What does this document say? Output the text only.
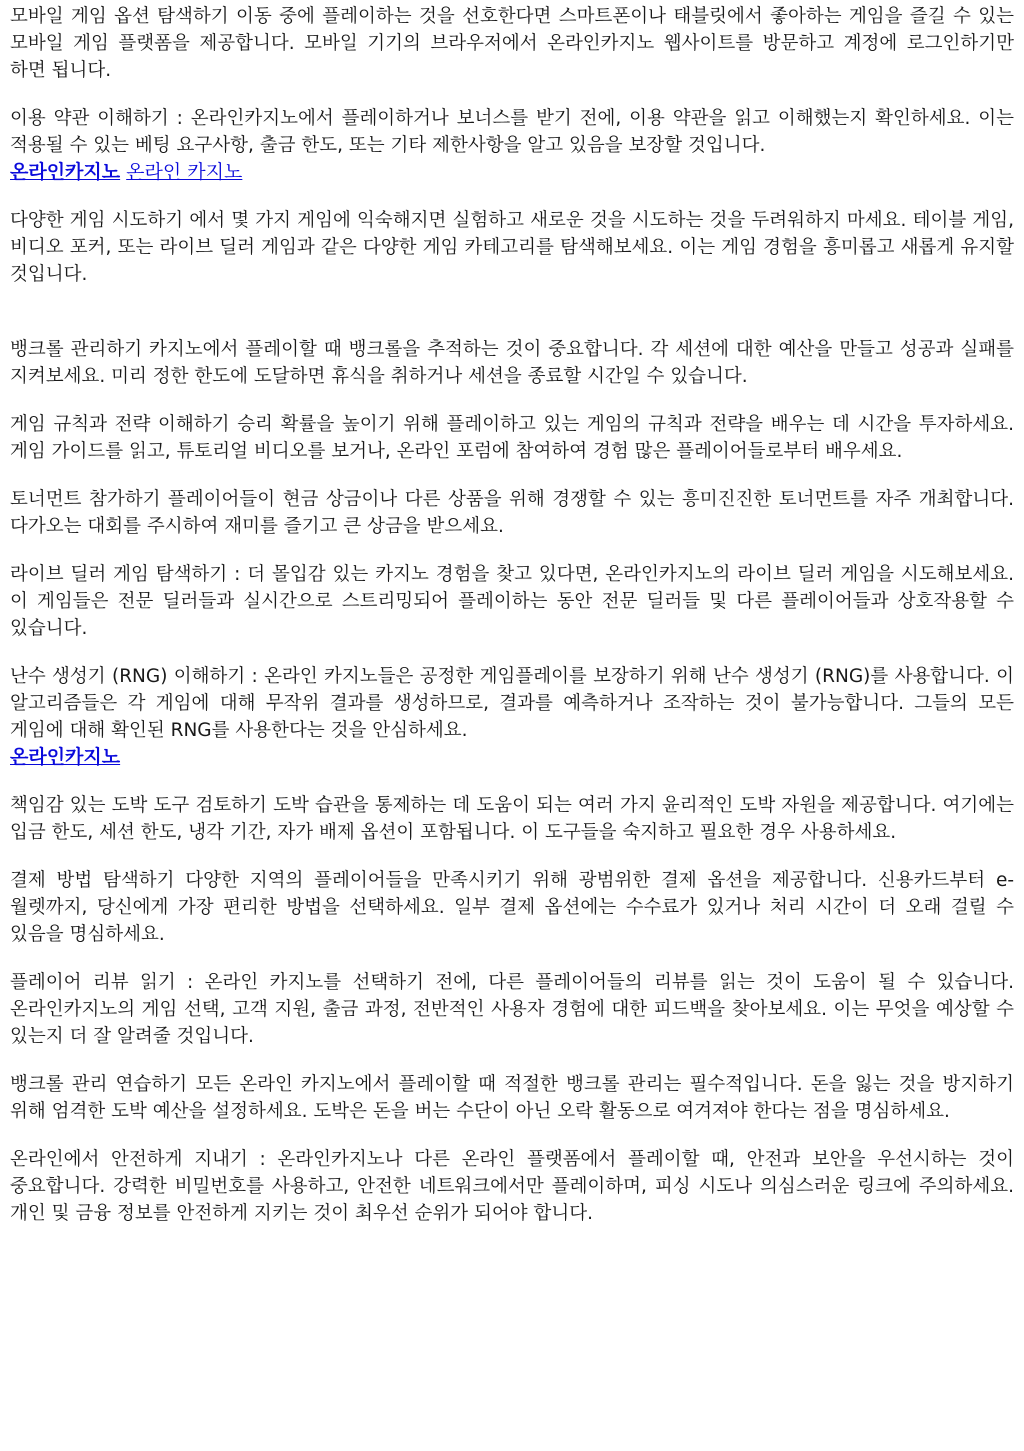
모바일 게임 옵션 탐색하기 이동 중에 플레이하는 것을 선호한다면 스마트폰이나 태블릿에서 좋아하는 게임을 즐길 수 있는 모바일 게임 플랫폼을 제공합니다. 모바일 기기의 브라우저에서 온라인카지노 웹사이트를 방문하고 계정에 로그인하기만 하면 됩니다.

이용 약관 이해하기 : 온라인카지노에서 플레이하거나 보너스를 받기 전에, 이용 약관을 읽고 이해했는지 확인하세요. 이는 적용될 수 있는 베팅 요구사항, 출금 한도, 또는 기타 제한사항을 알고 있음을 보장할 것입니다.

온라인카지노 온라인 카지노

다양한 게임 시도하기 에서 몇 가지 게임에 익숙해지면 실험하고 새로운 것을 시도하는 것을 두려워하지 마세요. 테이블 게임, 비디오 포커, 또는 라이브 딜러 게임과 같은 다양한 게임 카테고리를 탐색해보세요. 이는 게임 경험을 흥미롭고 새롭게 유지할 것입니다.

뱅크롤 관리하기 카지노에서 플레이할 때 뱅크롤을 추적하는 것이 중요합니다. 각 세션에 대한 예산을 만들고 성공과 실패를 지켜보세요. 미리 정한 한도에 도달하면 휴식을 취하거나 세션을 종료할 시간일 수 있습니다.

게임 규칙과 전략 이해하기 승리 확률을 높이기 위해 플레이하고 있는 게임의 규칙과 전략을 배우는 데 시간을 투자하세요. 게임 가이드를 읽고, 튜토리얼 비디오를 보거나, 온라인 포럼에 참여하여 경험 많은 플레이어들로부터 배우세요.

토너먼트 참가하기 플레이어들이 현금 상금이나 다른 상품을 위해 경쟁할 수 있는 흥미진진한 토너먼트를 자주 개최합니다. 다가오는 대회를 주시하여 재미를 즐기고 큰 상금을 받으세요.

라이브 딜러 게임 탐색하기 : 더 몰입감 있는 카지노 경험을 찾고 있다면, 온라인카지노의 라이브 딜러 게임을 시도해보세요. 이 게임들은 전문 딜러들과 실시간으로 스트리밍되어 플레이하는 동안 전문 딜러들 및 다른 플레이어들과 상호작용할 수 있습니다.

난수 생성기 (RNG) 이해하기 : 온라인 카지노들은 공정한 게임플레이를 보장하기 위해 난수 생성기 (RNG)를 사용합니다. 이 알고리즘들은 각 게임에 대해 무작위 결과를 생성하므로, 결과를 예측하거나 조작하는 것이 불가능합니다. 그들의 모든 게임에 대해 확인된 RNG를 사용한다는 것을 안심하세요.

온라인카지노

책임감 있는 도박 도구 검토하기 도박 습관을 통제하는 데 도움이 되는 여러 가지 윤리적인 도박 자원을 제공합니다. 여기에는 입금 한도, 세션 한도, 냉각 기간, 자가 배제 옵션이 포함됩니다. 이 도구들을 숙지하고 필요한 경우 사용하세요.

결제 방법 탐색하기 다양한 지역의 플레이어들을 만족시키기 위해 광범위한 결제 옵션을 제공합니다. 신용카드부터 e-월렛까지, 당신에게 가장 편리한 방법을 선택하세요. 일부 결제 옵션에는 수수료가 있거나 처리 시간이 더 오래 걸릴 수 있음을 명심하세요.

플레이어 리뷰 읽기 : 온라인 카지노를 선택하기 전에, 다른 플레이어들의 리뷰를 읽는 것이 도움이 될 수 있습니다. 온라인카지노의 게임 선택, 고객 지원, 출금 과정, 전반적인 사용자 경험에 대한 피드백을 찾아보세요. 이는 무엇을 예상할 수 있는지 더 잘 알려줄 것입니다.

뱅크롤 관리 연습하기 모든 온라인 카지노에서 플레이할 때 적절한 뱅크롤 관리는 필수적입니다. 돈을 잃는 것을 방지하기 위해 엄격한 도박 예산을 설정하세요. 도박은 돈을 버는 수단이 아닌 오락 활동으로 여겨져야 한다는 점을 명심하세요.

온라인에서 안전하게 지내기 : 온라인카지노나 다른 온라인 플랫폼에서 플레이할 때, 안전과 보안을 우선시하는 것이 중요합니다. 강력한 비밀번호를 사용하고, 안전한 네트워크에서만 플레이하며, 피싱 시도나 의심스러운 링크에 주의하세요. 개인 및 금융 정보를 안전하게 지키는 것이 최우선 순위가 되어야 합니다.
